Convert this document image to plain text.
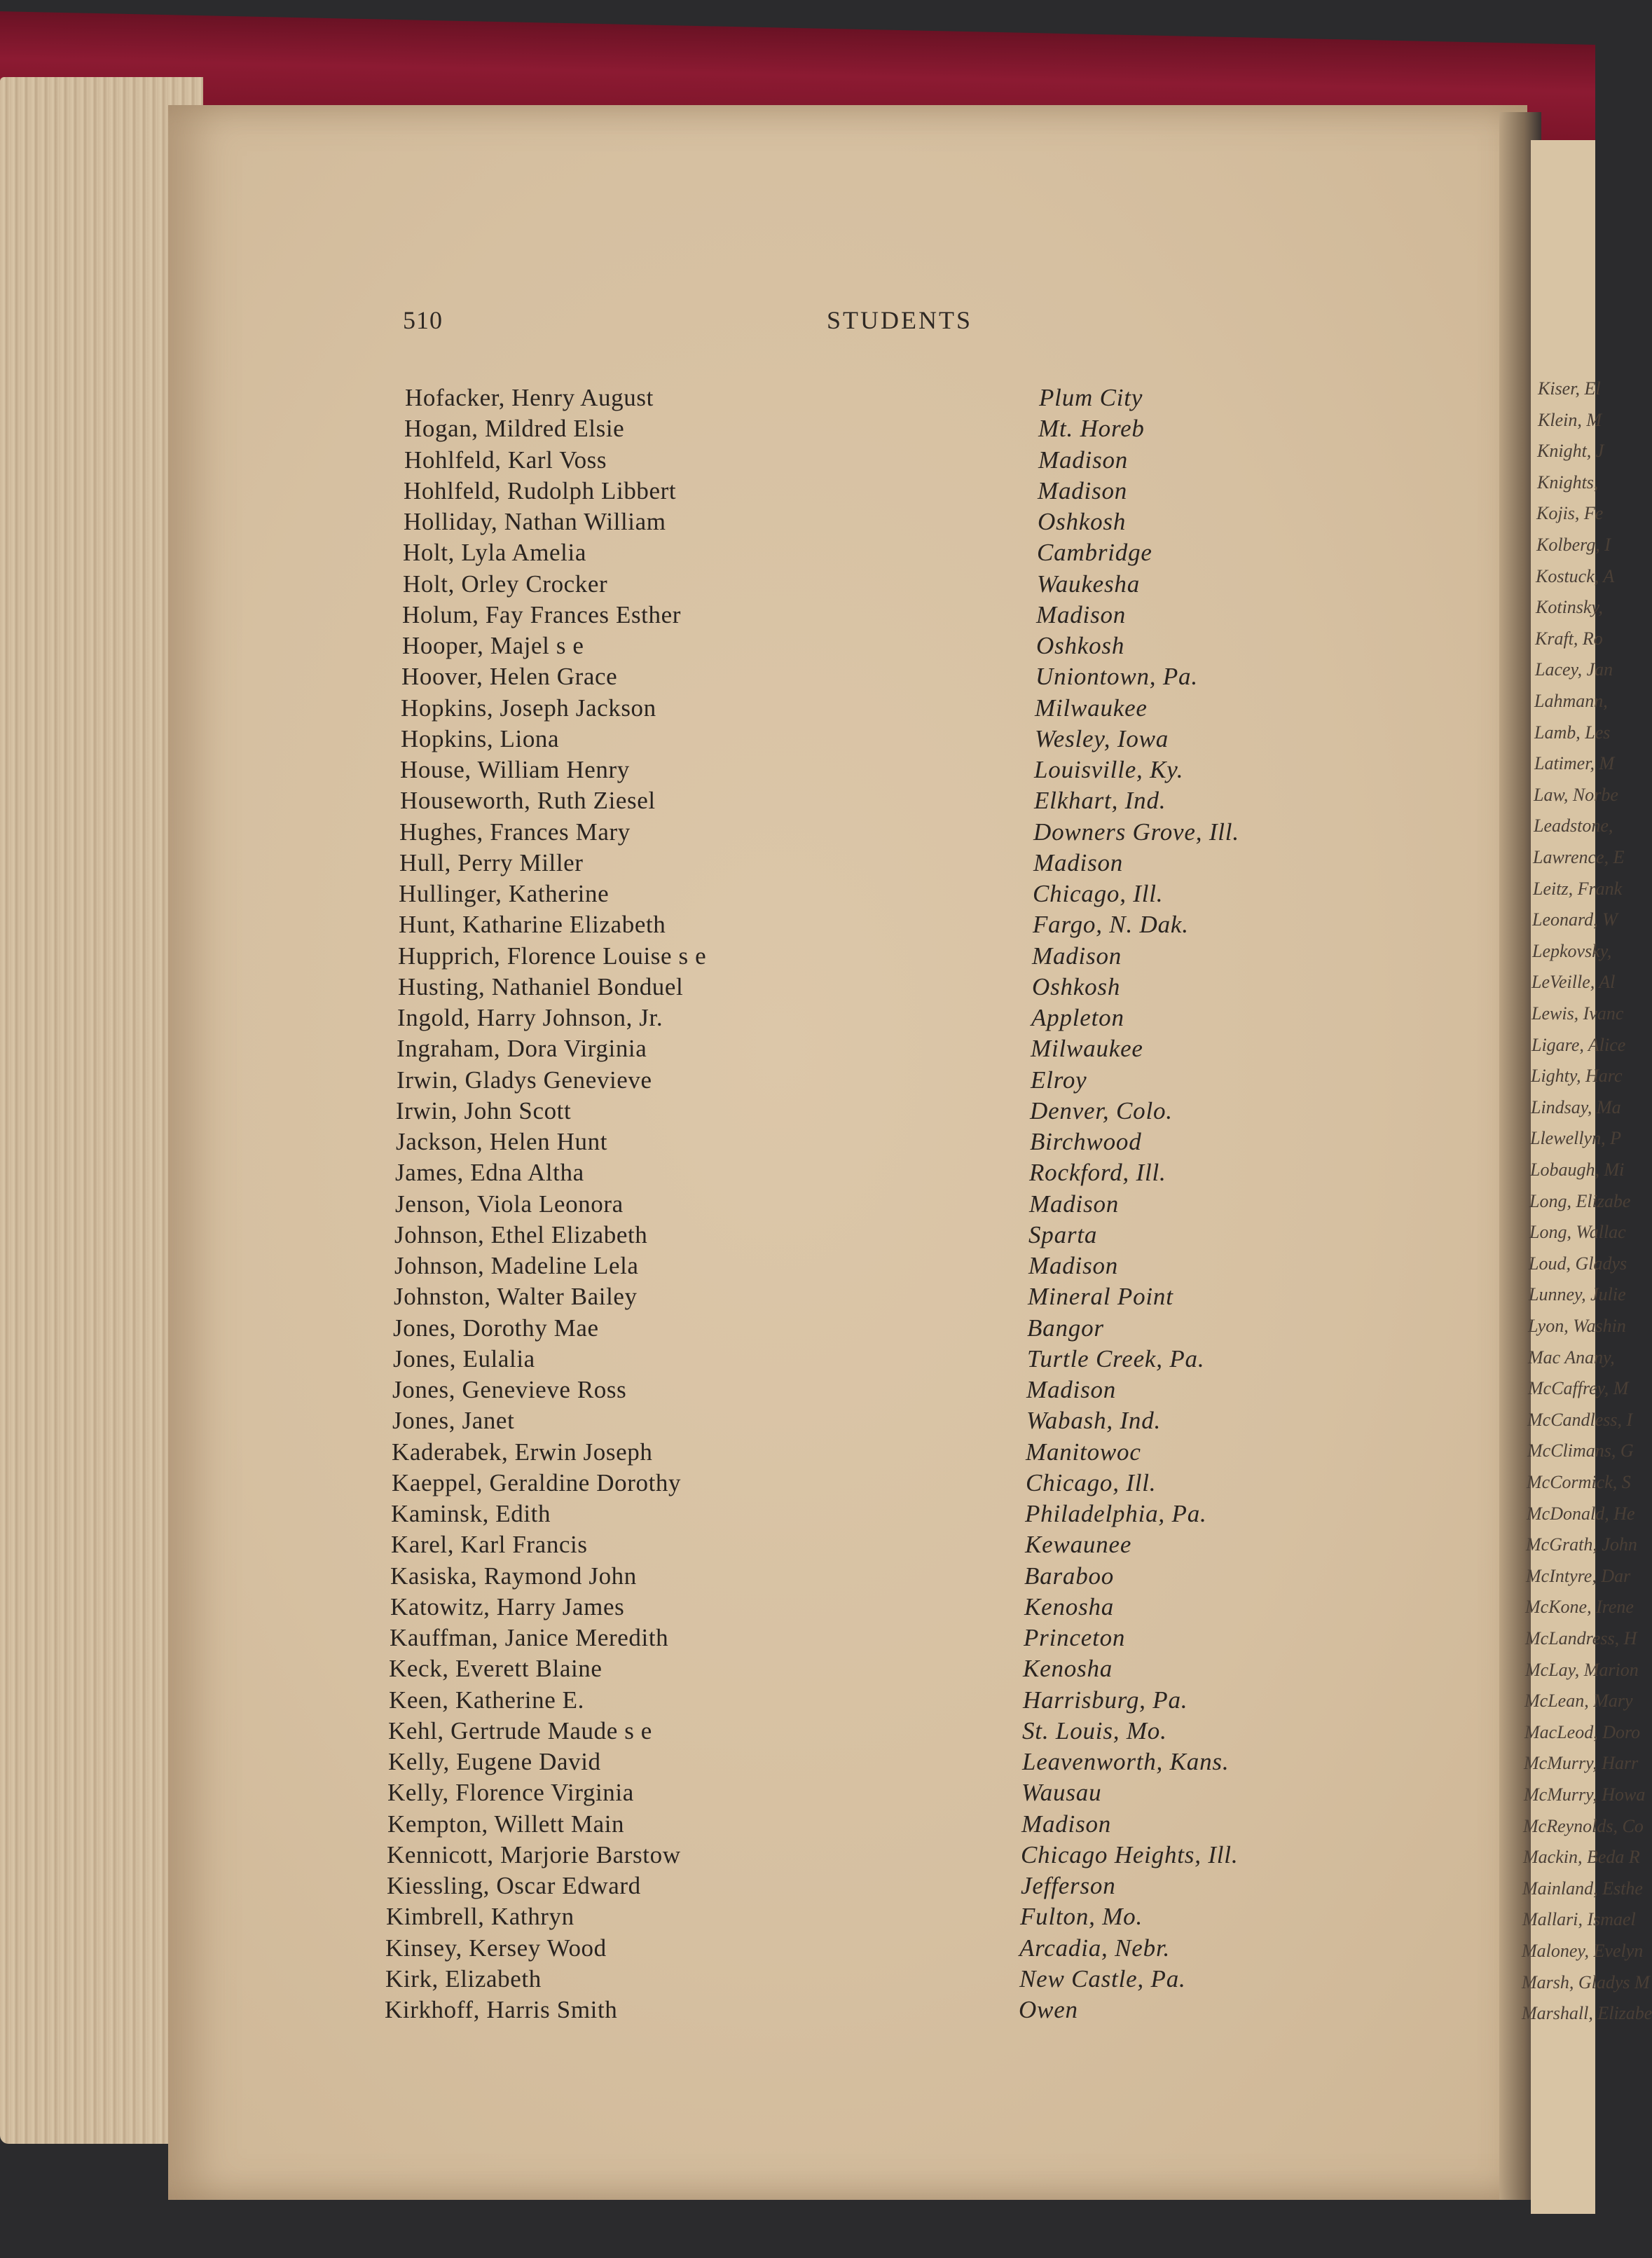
Kiser, El
Klein, M
Knight, J
Knights,
Kojis, Fe
Kolberg, I
Kostuck, A
Kotinsky,
Kraft, Ro
Lacey, Jan
Lahmann,
Lamb, Les
Latimer, M
Law, Norbe
Leadstone,
Lawrence, E
Leitz, Frank
Leonard, W
Lepkovsky,
LeVeille, Al
Lewis, Ivanc
Ligare, Alice
Lighty, Harc
Lindsay, Ma
Llewellyn, P
Lobaugh, Mi
Long, Elizabe
Long, Wallac
Loud, Gladys
Lunney, Julie
Lyon, Washin
Mac Anany,
McCaffrey, M
McCandless, I
McClimans, G
McCormick, S
McDonald, He
McGrath, John
McIntyre, Dar
McKone, Irene
McLandress, H
McLay, Marion
McLean, Mary
MacLeod, Doro
McMurry, Harr
McMurry, Howa
McReynolds, Co
Mackin, Beda R
Mainland, Esthe
Mallari, Ismael
Maloney, Evelyn
Marsh, Gladys M
Marshall, Elizabe
510	STUDENTS
Hofacker, Henry August	Plum City
Hogan, Mildred Elsie	Mt. Horeb
Hohlfeld, Karl Voss	Madison
Hohlfeld, Rudolph Libbert	Madison
Holliday, Nathan William	Oshkosh
Holt, Lyla Amelia	Cambridge
Holt, Orley Crocker	Waukesha
Holum, Fay Frances Esther	Madison
Hooper, Majel s e	Oshkosh
Hoover, Helen Grace	Uniontown, Pa.
Hopkins, Joseph Jackson	Milwaukee
Hopkins, Liona	Wesley, Iowa
House, William Henry	Louisville, Ky.
Houseworth, Ruth Ziesel	Elkhart, Ind.
Hughes, Frances Mary	Downers Grove, Ill.
Hull, Perry Miller	Madison
Hullinger, Katherine	Chicago, Ill.
Hunt, Katharine Elizabeth	Fargo, N. Dak.
Hupprich, Florence Louise s e	Madison
Husting, Nathaniel Bonduel	Oshkosh
Ingold, Harry Johnson, Jr.	Appleton
Ingraham, Dora Virginia	Milwaukee
Irwin, Gladys Genevieve	Elroy
Irwin, John Scott	Denver, Colo.
Jackson, Helen Hunt	Birchwood
James, Edna Altha	Rockford, Ill.
Jenson, Viola Leonora	Madison
Johnson, Ethel Elizabeth	Sparta
Johnson, Madeline Lela	Madison
Johnston, Walter Bailey	Mineral Point
Jones, Dorothy Mae	Bangor
Jones, Eulalia	Turtle Creek, Pa.
Jones, Genevieve Ross	Madison
Jones, Janet	Wabash, Ind.
Kaderabek, Erwin Joseph	Manitowoc
Kaeppel, Geraldine Dorothy	Chicago, Ill.
Kaminsk, Edith	Philadelphia, Pa.
Karel, Karl Francis	Kewaunee
Kasiska, Raymond John	Baraboo
Katowitz, Harry James	Kenosha
Kauffman, Janice Meredith	Princeton
Keck, Everett Blaine	Kenosha
Keen, Katherine E.	Harrisburg, Pa.
Kehl, Gertrude Maude s e	St. Louis, Mo.
Kelly, Eugene David	Leavenworth, Kans.
Kelly, Florence Virginia	Wausau
Kempton, Willett Main	Madison
Kennicott, Marjorie Barstow	Chicago Heights, Ill.
Kiessling, Oscar Edward	Jefferson
Kimbrell, Kathryn	Fulton, Mo.
Kinsey, Kersey Wood	Arcadia, Nebr.
Kirk, Elizabeth	New Castle, Pa.
Kirkhoff, Harris Smith	Owen
